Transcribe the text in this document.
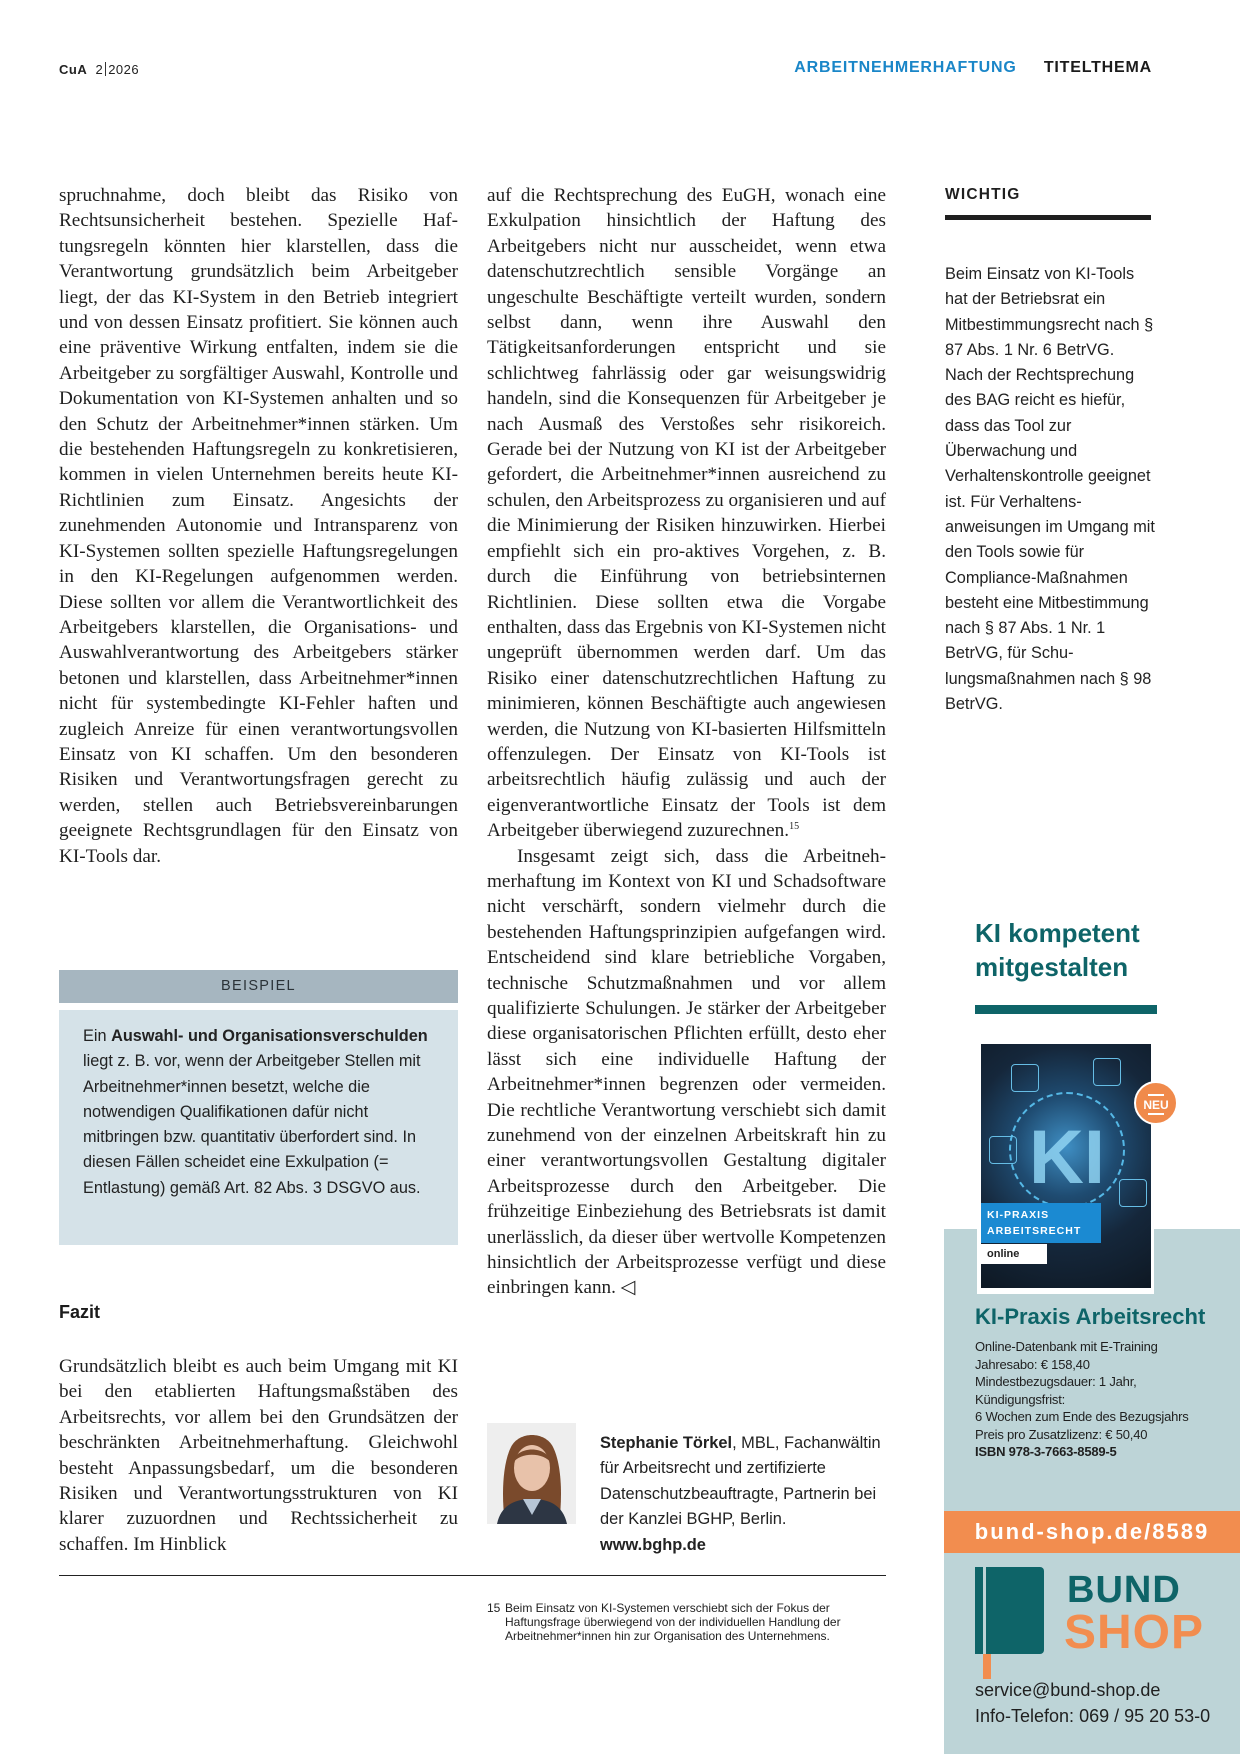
CuA 2 2026	ARBEITNEHMERHAFTUNG TITELTHEMA

spruchnahme, doch bleibt das Risiko von Rechtsunsicherheit bestehen. Spezielle Haftungsregeln könnten hier klarstellen, dass die Verantwortung grundsätzlich beim Arbeitgeber liegt, der das KI-System in den Betrieb integriert und von dessen Einsatz profitiert. Sie können auch eine präventive Wirkung entfalten, indem sie die Arbeitgeber zu sorgfältiger Auswahl, Kontrolle und Dokumentation von KI-Systemen anhalten und so den Schutz der Arbeitnehmer*innen stärken. Um die bestehenden Haftungsregeln zu konkretisieren, kommen in vielen Unternehmen bereits heute KI-Richtlinien zum Einsatz. Angesichts der zunehmenden Autonomie und Intransparenz von KI-Systemen sollten spezielle Haftungsregelungen in den KI-Regelungen aufgenommen werden. Diese sollten vor allem die Verantwortlichkeit des Arbeitgebers klarstellen, die Organisations- und Auswahlverantwortung des Arbeitgebers stärker betonen und klarstellen, dass Arbeitnehmer*innen nicht für systembedingte KI-Fehler haften und zugleich Anreize für einen verantwortungsvollen Einsatz von KI schaffen. Um den besonderen Risiken und Verantwortungsfragen gerecht zu werden, stellen auch Betriebsvereinbarungen geeignete Rechtsgrundlagen für den Einsatz von KI-Tools dar.

BEISPIEL
Ein Auswahl- und Organisationsverschulden liegt z. B. vor, wenn der Arbeitgeber Stellen mit Arbeitnehmer*innen besetzt, welche die notwendigen Qualifikationen dafür nicht mitbringen bzw. quantitativ überfordert sind. In diesen Fällen scheidet eine Exkulpation (= Entlastung) gemäß Art. 82 Abs. 3 DSGVO aus.
Fazit

Grundsätzlich bleibt es auch beim Umgang mit KI bei den etablierten Haftungsmaßstäben des Arbeitsrechts, vor allem bei den Grundsätzen der beschränkten Arbeitnehmerhaftung. Gleichwohl besteht Anpassungsbedarf, um die besonderen Risiken und Verantwortungsstrukturen von KI klarer zuzuordnen und Rechtssicherheit zu schaffen. Im Hinblick

auf die Rechtsprechung des EuGH, wonach eine Exkulpation hinsichtlich der Haftung des Arbeitgebers nicht nur ausscheidet, wenn etwa datenschutzrechtlich sensible Vorgänge an ungeschulte Beschäftigte verteilt wurden, sondern selbst dann, wenn ihre Auswahl den Tätigkeitsanforderungen entspricht und sie schlichtweg fahrlässig oder gar weisungswidrig handeln, sind die Konsequenzen für Arbeitgeber je nach Ausmaß des Verstoßes sehr risikoreich. Gerade bei der Nutzung von KI ist der Arbeitgeber gefordert, die Arbeitnehmer*innen ausreichend zu schulen, den Arbeitsprozess zu organisieren und auf die Minimierung der Risiken hinzuwirken. Hierbei empfiehlt sich ein pro-aktives Vorgehen, z. B. durch die Einführung von betriebsinternen Richtlinien. Diese sollten etwa die Vorgabe enthalten, dass das Ergebnis von KI-Systemen nicht ungeprüft übernommen werden darf. Um das Risiko einer datenschutzrechtlichen Haftung zu minimieren, können Beschäftigte auch angewiesen werden, die Nutzung von KI-basierten Hilfsmitteln offenzulegen. Der Einsatz von KI-Tools ist arbeitsrechtlich häufig zulässig und auch der eigenverantwortliche Einsatz der Tools ist dem Arbeitgeber überwiegend zuzurechnen.$^{15}$

Insgesamt zeigt sich, dass die Arbeitnehmerhaftung im Kontext von KI und Schadsoftware nicht verschärft, sondern vielmehr durch die bestehenden Haftungsprinzipien aufgefangen wird. Entscheidend sind klare betriebliche Vorgaben, technische Schutzmaßnahmen und vor allem qualifizierte Schulungen. Je stärker der Arbeitgeber diese organisatorischen Pflichten erfüllt, desto eher lässt sich eine individuelle Haftung der Arbeitnehmer*innen begrenzen oder vermeiden. Die rechtliche Verantwortung verschiebt sich damit zunehmend von der einzelnen Arbeitskraft hin zu einer verantwortungsvollen Gestaltung digitaler Arbeitsprozesse durch den Arbeitgeber. Die frühzeitige Einbeziehung des Betriebsrats ist damit unerlässlich, da dieser über wertvolle Kompetenzen hinsichtlich der Arbeitsprozesse verfügt und diese einbringen kann. ◁

Stephanie Törkel, MBL, Fachanwältin für Arbeitsrecht und zertifizierte Datenschutzbeauftragte, Partnerin bei der Kanzlei BGHP, Berlin.
www.bghp.de
15 Beim Einsatz von KI-Systemen verschiebt sich der Fokus der Haftungsfrage überwiegend von der individuellen Handlung der Arbeitnehmer*innen hin zur Organisation des Unternehmens.
WICHTIG
Beim Einsatz von KI-Tools hat der Betriebsrat ein Mitbestimmungsrecht nach § 87 Abs. 1 Nr. 6 BetrVG. Nach der Rechtsprechung des BAG reicht es hiefür, dass das Tool zur Überwachung und Verhaltenskontrolle geeignet ist. Für Verhaltensanweisungen im Umgang mit den Tools sowie für Compliance-Maßnahmen besteht eine Mitbestimmung nach § 87 Abs. 1 Nr. 1 BetrVG, für Schulungsmaßnahmen nach § 98 BetrVG.
KI kompetent mitgestalten
KI
KI-PRAXIS ARBEITSRECHT
online
NEU
KI-Praxis Arbeitsrecht
Online-Datenbank mit E-Training
Jahresabo: € 158,40
Mindestbezugsdauer: 1 Jahr,
Kündigungsfrist:
6 Wochen zum Ende des Bezugsjahrs
Preis pro Zusatzlizenz: € 50,40
ISBN 978-3-7663-8589-5
bund-shop.de/8589
BUND
SHOP
service@bund-shop.de
Info-Telefon: 069 / 95 20 53-0
